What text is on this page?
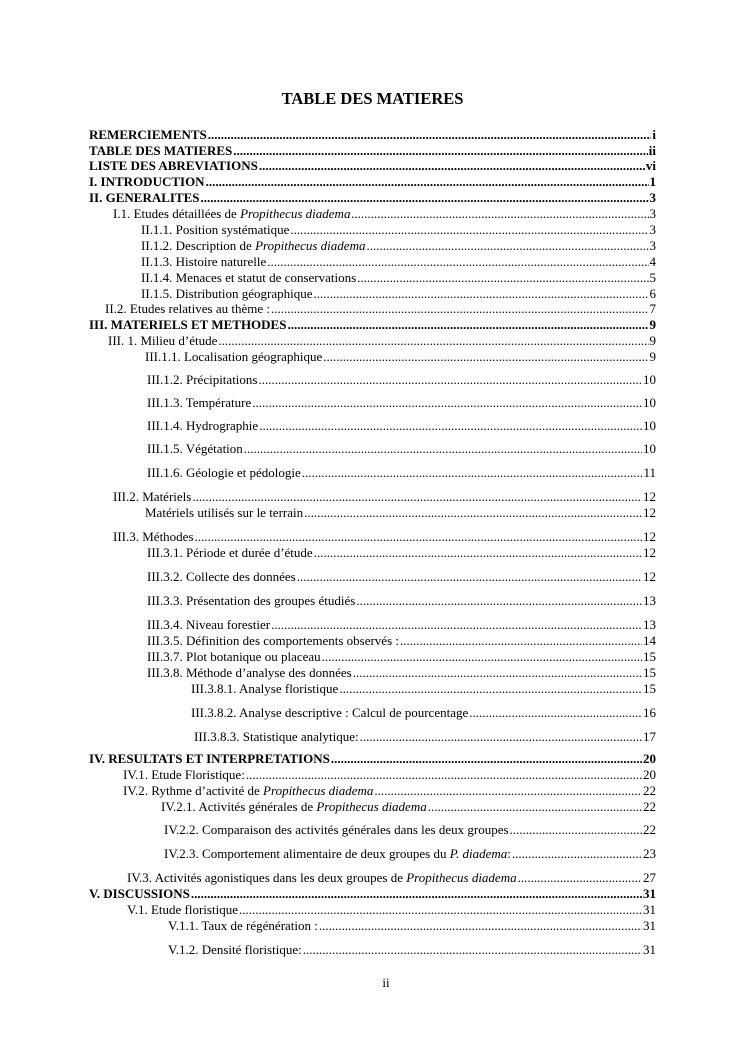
TABLE DES MATIERES
REMERCIEMENTS .....	i
TABLE DES MATIERES .....	ii
LISTE DES ABREVIATIONS .....	vi
I. INTRODUCTION .....	1
II. GENERALITES .....	3
I.1. Etudes détaillées de Propithecus diadema .....	3
II.1.1. Position systématique .....	3
II.1.2. Description de Propithecus diadema .....	3
II.1.3. Histoire naturelle .....	4
II.1.4. Menaces et statut de conservations .....	5
II.1.5. Distribution géographique .....	6
II.2. Etudes relatives au thème : .....	7
III. MATERIELS ET METHODES .....	9
III. 1. Milieu d’étude .....	9
III.1.1. Localisation géographique .....	9
III.1.2. Précipitations .....	10
III.1.3. Température .....	10
III.1.4. Hydrographie .....	10
III.1.5. Végétation .....	10
III.1.6. Géologie et pédologie .....	11
III.2. Matériels .....	12
Matériels utilisés sur le terrain .....	12
III.3. Méthodes .....	12
III.3.1. Période et durée d’étude .....	12
III.3.2. Collecte des données .....	12
III.3.3. Présentation des groupes étudiés .....	13
III.3.4. Niveau forestier .....	13
III.3.5. Définition des comportements observés : .....	14
III.3.7. Plot botanique ou placeau .....	15
III.3.8. Méthode d’analyse des données .....	15
III.3.8.1. Analyse floristique .....	15
III.3.8.2. Analyse descriptive : Calcul de pourcentage .....	16
III.3.8.3. Statistique analytique: .....	17
IV. RESULTATS ET INTERPRETATIONS .....	20
IV.1. Etude Floristique: .....	20
IV.2. Rythme d’activité de Propithecus diadema .....	22
IV.2.1. Activités générales de Propithecus diadema .....	22
IV.2.2. Comparaison des activités générales dans les deux groupes .....	22
IV.2.3. Comportement alimentaire de deux groupes du P. diadema: .....	23
IV.3. Activités agonistiques dans les deux groupes de Propithecus diadema .....	27
V. DISCUSSIONS .....	31
V.1. Etude floristique .....	31
V.1.1. Taux de régénération : .....	31
V.1.2. Densité floristique: .....	31
ii
